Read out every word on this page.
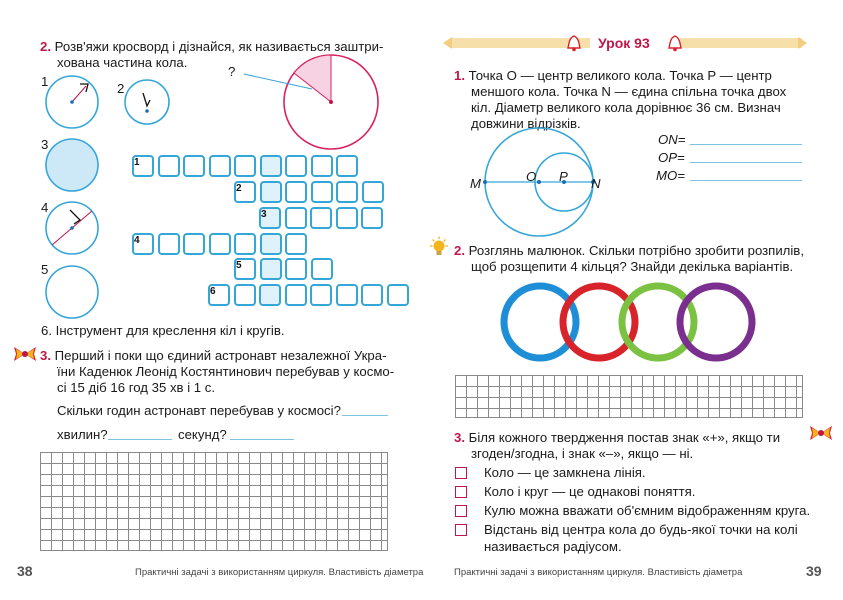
2. Розв'яжи кросворд і дізнайся, як називається заштри-
хована частина кола.
1	2
3
4
5
?
1
2
3
4
5
6
6. Інструмент для креслення кіл і кругів.
3. Перший і поки що єдиний астронавт незалежної Укра-
їни Каденюк Леонід Костянтинович перебував у космо-
сі 15 діб 16 год 35 хв і 1 с.
Скільки годин астронавт перебував у космосі?
хвилин?	секунд?
38	Практичні задачі з використанням циркуля. Властивість діаметра
Урок 93
1. Точка O — центр великого кола. Точка P — центр
меншого кола. Точка N — єдина спільна точка двох
кіл. Діаметр великого кола дорівнює 36 см. Визнач
довжини відрізків.
M	O P N
ON=
OP=
MO=
2. Розглянь малюнок. Скільки потрібно зробити розпилів,
щоб розщепити 4 кільця? Знайди декілька варіантів.
3. Біля кожного твердження постав знак «+», якщо ти
згоден/згодна, і знак «–», якщо — ні.
Коло — це замкнена лінія.
Коло і круг — це однакові поняття.
Кулю можна вважати об'ємним відображенням круга.
Відстань від центра кола до будь-якої точки на колі
називається радіусом.
Практичні задачі з використанням циркуля. Властивість діаметра	39
